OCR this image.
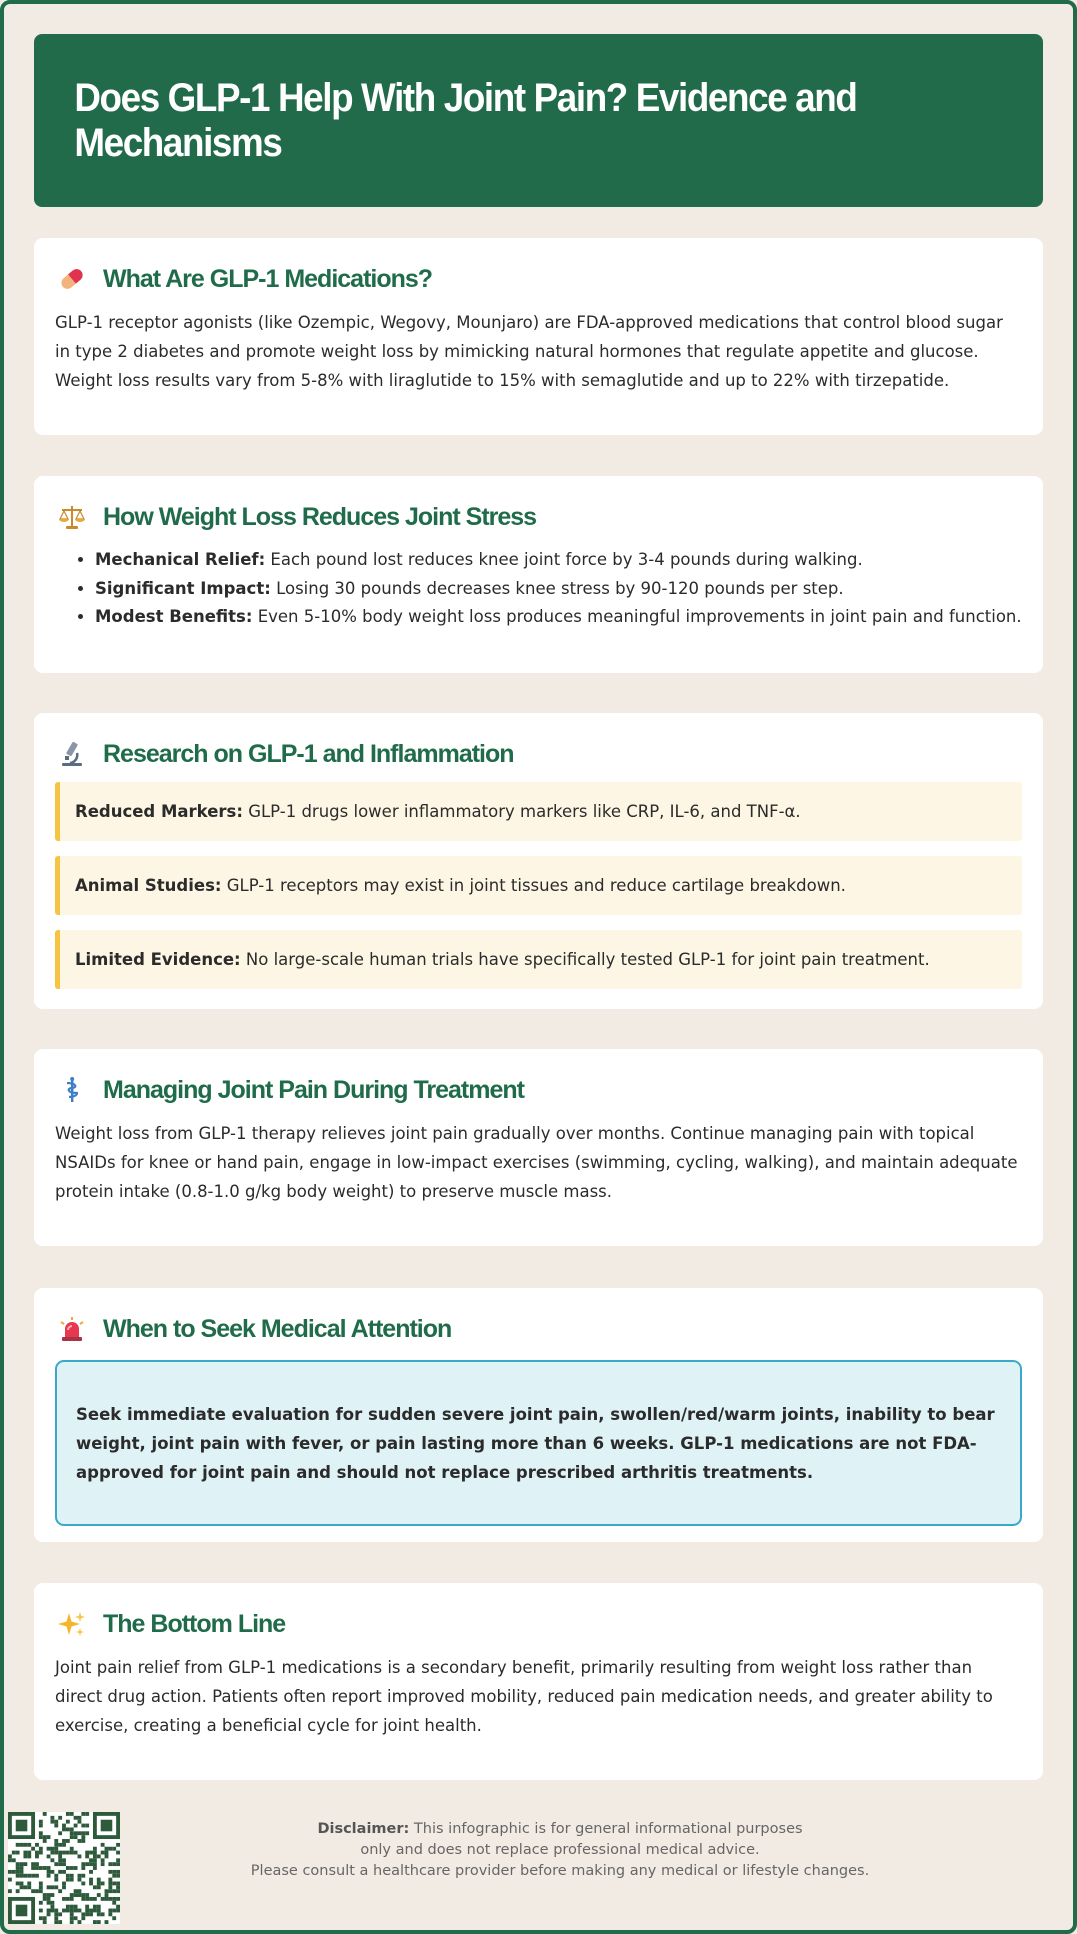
Does GLP-1 Help With Joint Pain? Evidence and Mechanisms
What Are GLP-1 Medications?

GLP-1 receptor agonists (like Ozempic, Wegovy, Mounjaro) are FDA-approved medications that control blood sugar in type 2 diabetes and promote weight loss by mimicking natural hormones that regulate appetite and glucose. Weight loss results vary from 5-8% with liraglutide to 15% with semaglutide and up to 22% with tirzepatide.

How Weight Loss Reduces Joint Stress
• Mechanical Relief: Each pound lost reduces knee joint force by 3-4 pounds during walking.
• Significant Impact: Losing 30 pounds decreases knee stress by 90-120 pounds per step.
• Modest Benefits: Even 5-10% body weight loss produces meaningful improvements in joint pain and function.
Research on GLP-1 and Inflammation
Reduced Markers: GLP-1 drugs lower inflammatory markers like CRP, IL-6, and TNF-α.
Animal Studies: GLP-1 receptors may exist in joint tissues and reduce cartilage breakdown.
Limited Evidence: No large-scale human trials have specifically tested GLP-1 for joint pain treatment.
Managing Joint Pain During Treatment

Weight loss from GLP-1 therapy relieves joint pain gradually over months. Continue managing pain with topical NSAIDs for knee or hand pain, engage in low-impact exercises (swimming, cycling, walking), and maintain adequate protein intake (0.8-1.0 g/kg body weight) to preserve muscle mass.

When to Seek Medical Attention
Seek immediate evaluation for sudden severe joint pain, swollen/red/warm joints, inability to bear weight, joint pain with fever, or pain lasting more than 6 weeks. GLP-1 medications are not FDA-approved for joint pain and should not replace prescribed arthritis treatments.
The Bottom Line

Joint pain relief from GLP-1 medications is a secondary benefit, primarily resulting from weight loss rather than direct drug action. Patients often report improved mobility, reduced pain medication needs, and greater ability to exercise, creating a beneficial cycle for joint health.

Disclaimer: This infographic is for general informational purposes
only and does not replace professional medical advice.
Please consult a healthcare provider before making any medical or lifestyle changes.
